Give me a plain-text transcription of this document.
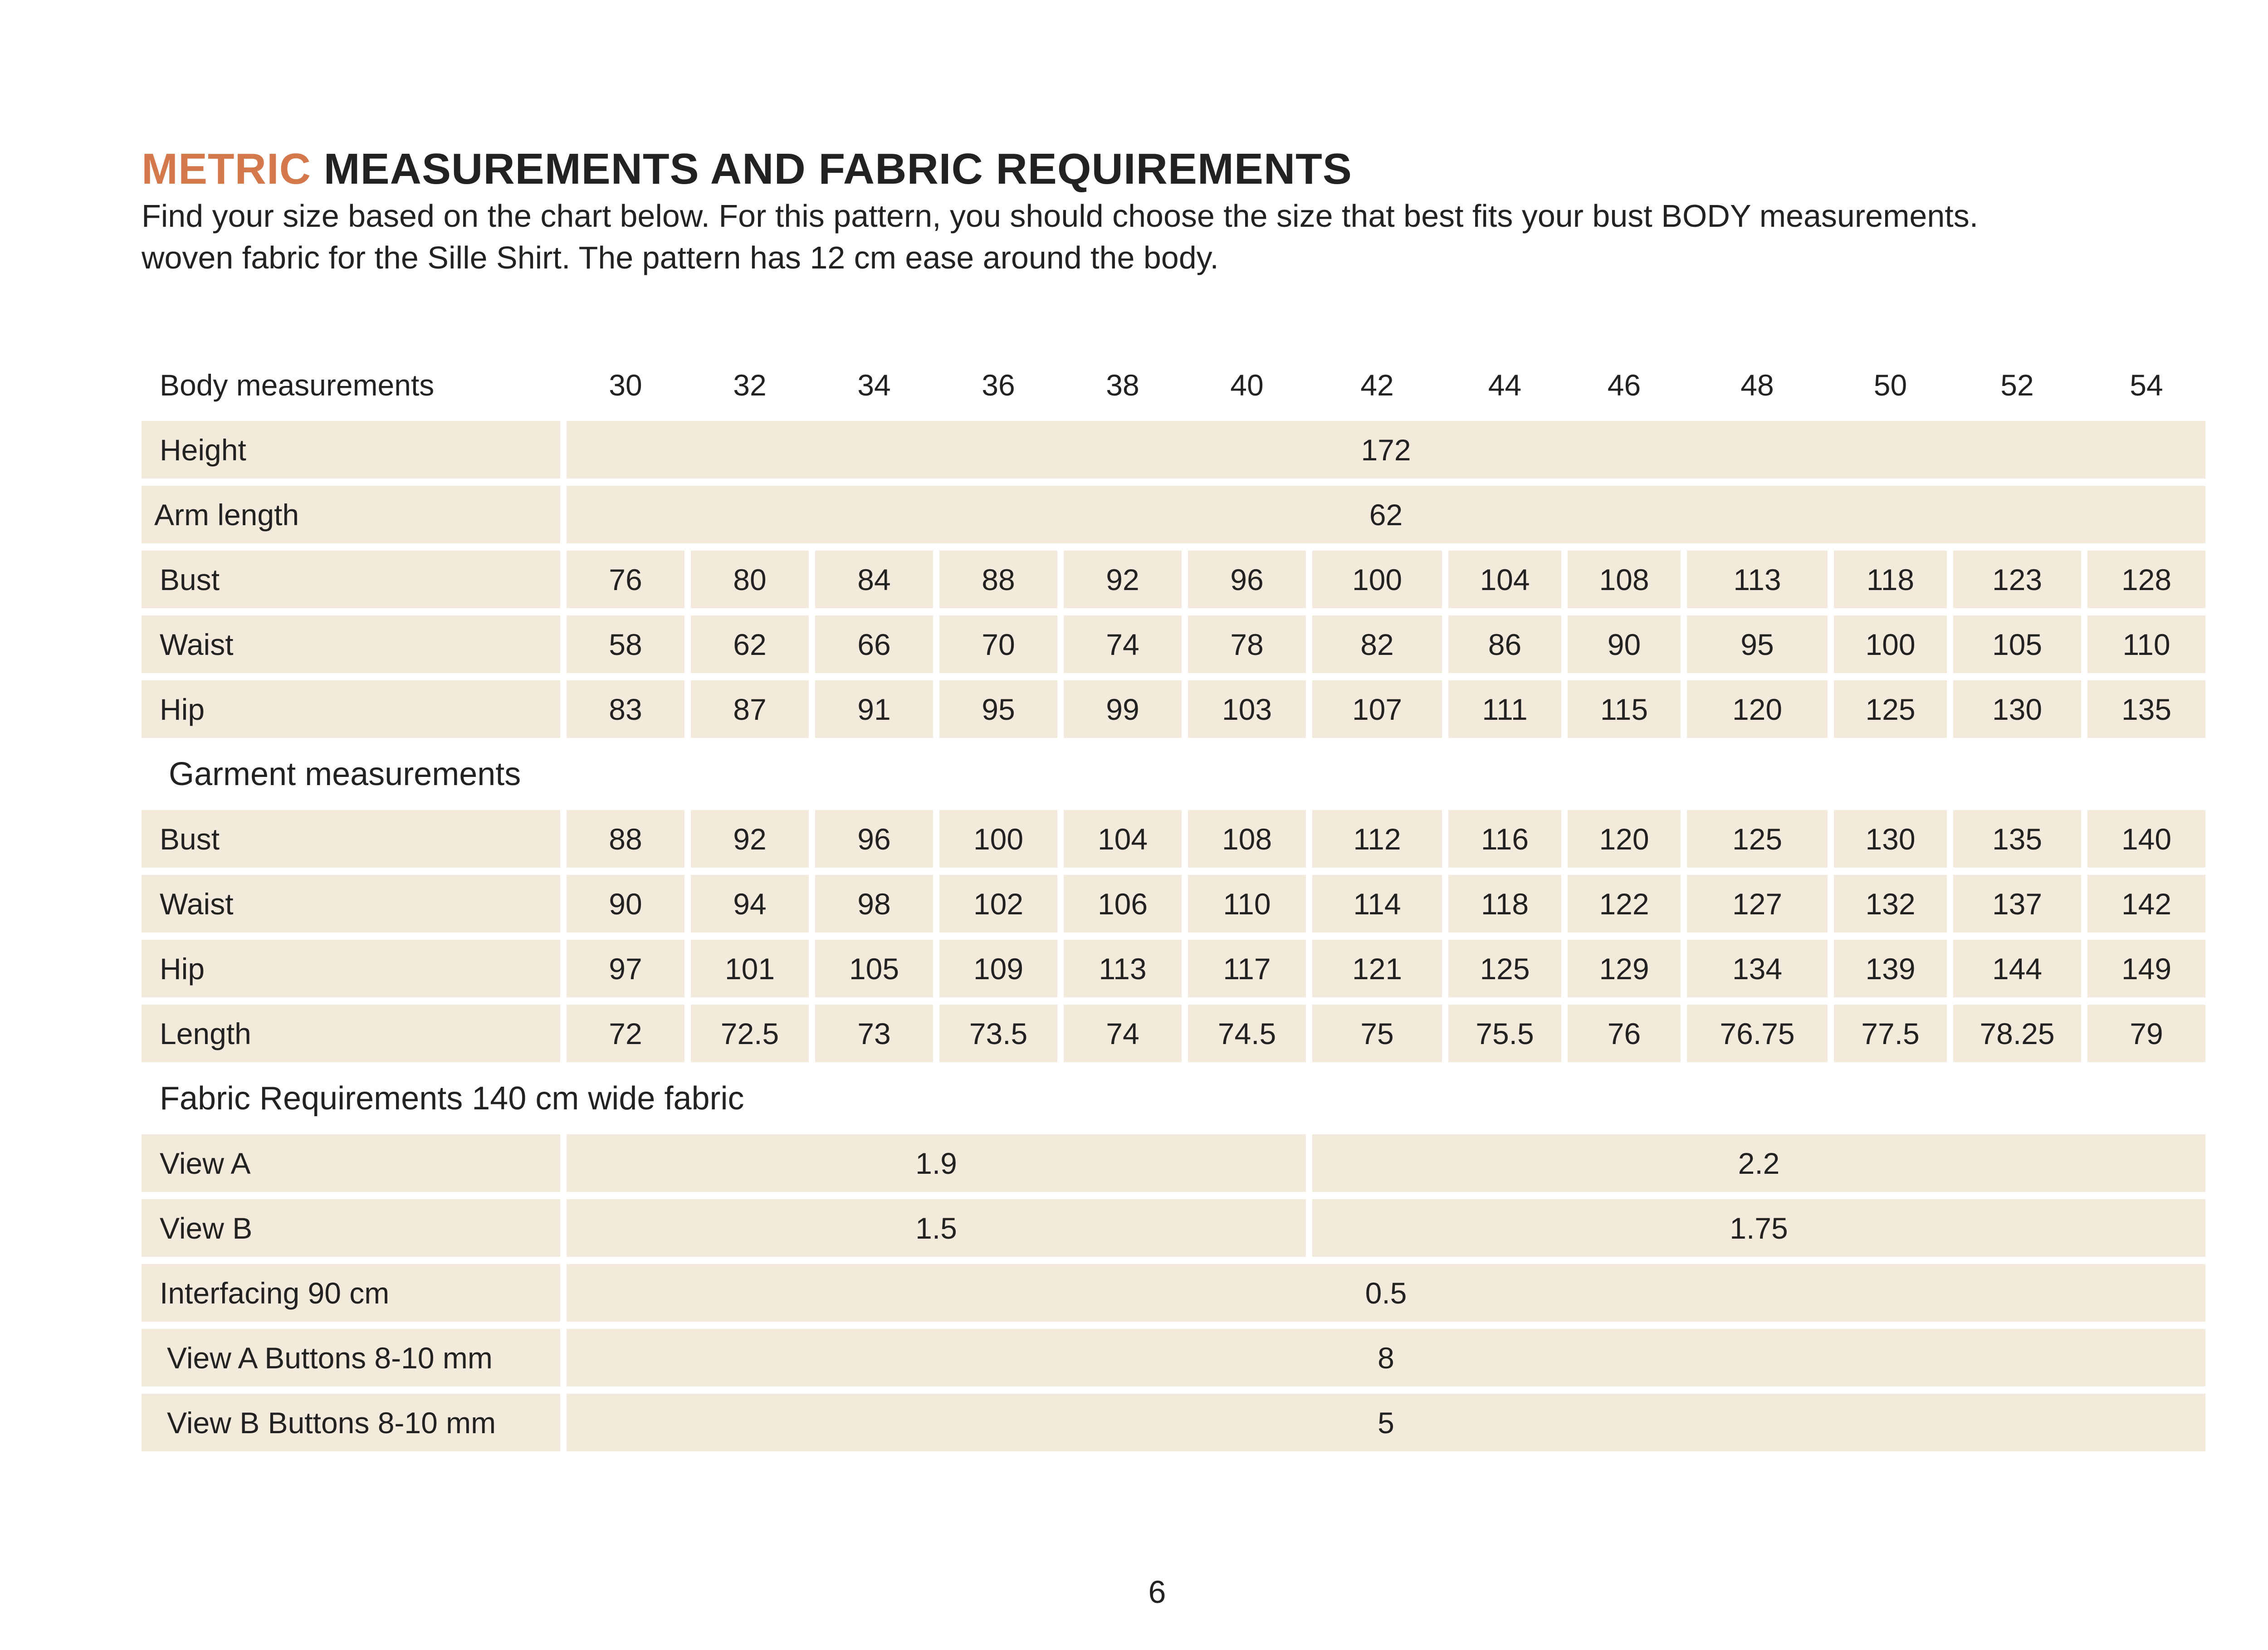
METRIC MEASUREMENTS AND FABRIC REQUIREMENTS
Find your size based on the chart below. For this pattern, you should choose the size that best fits your bust BODY measurements.
woven fabric for the Sille Shirt. The pattern has 12 cm ease around the body.
Body measurements	30	32	34	36	38	40	42	44	46	48	50	52	54
Height	172												
Arm length	62												
Bust	76	80	84	88	92	96	100	104	108	113	118	123	128
Waist	58	62	66	70	74	78	82	86	90	95	100	105	110
Hip	83	87	91	95	99	103	107	111	115	120	125	130	135
Garment measurements													
Bust	88	92	96	100	104	108	112	116	120	125	130	135	140
Waist	90	94	98	102	106	110	114	118	122	127	132	137	142
Hip	97	101	105	109	113	117	121	125	129	134	139	144	149
Length	72	72.5	73	73.5	74	74.5	75	75.5	76	76.75	77.5	78.25	79
Fabric Requirements 140 cm wide fabric													
View A	1.9						2.2						
View B	1.5						1.75						
Interfacing 90 cm	0.5												
View A Buttons 8-10 mm	8												
View B Buttons 8-10 mm	5												
6
